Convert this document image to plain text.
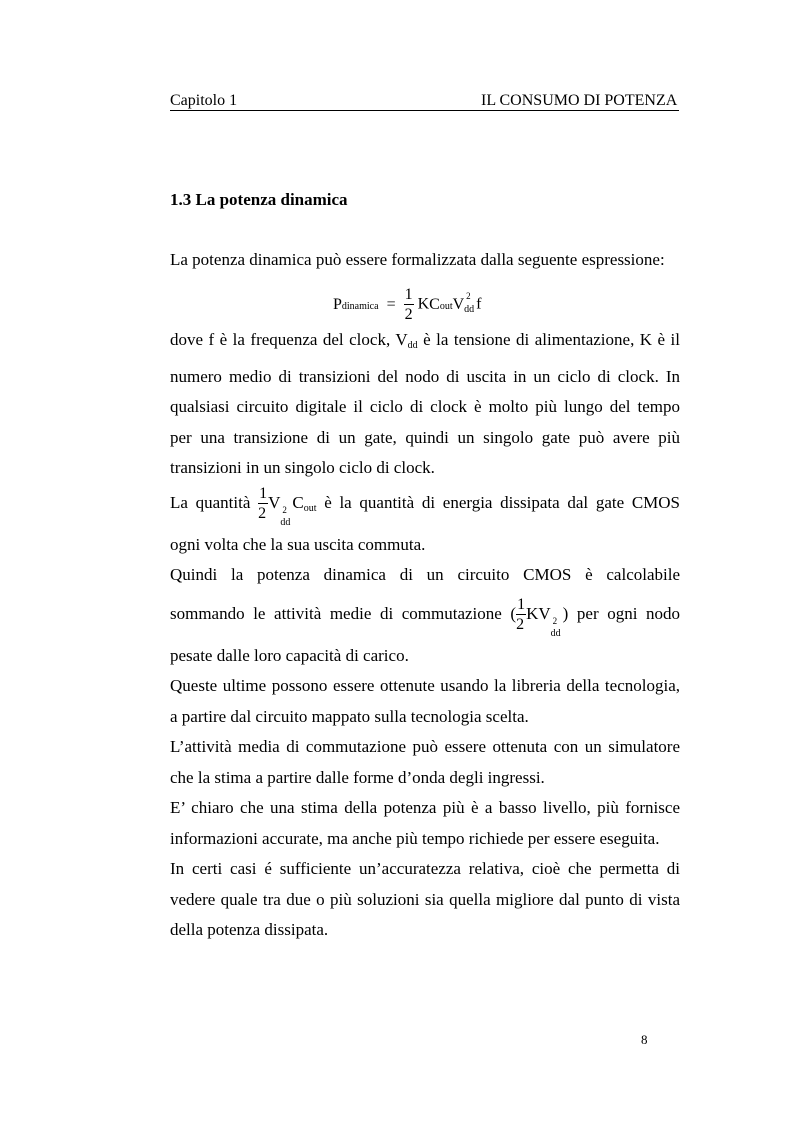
Capitolo 1	IL CONSUMO DI POTENZA
1.3 La potenza dinamica
La potenza dinamica può essere formalizzata dalla seguente espressione:
Pdinamica = $\frac{1}{2}$ KCoutV 2
dd f
dove f è la frequenza del clock, $V_{dd}$ è la tensione di alimentazione, K è il
numero medio di transizioni del nodo di uscita in un ciclo di clock. In
qualsiasi circuito digitale il ciclo di clock è molto più lungo del tempo
per una transizione di un gate, quindi un singolo gate può avere più
transizioni in un singolo ciclo di clock.
La quantità $\frac{1}{2}$ V 2
dd
$C_{out}$ è la quantità di energia dissipata dal gate CMOS
ogni volta che la sua uscita commuta.
Quindi la potenza dinamica di un circuito CMOS è calcolabile
sommando le attività medie di commutazione ( $\frac{1}{2}$ KV 2
dd
) per ogni nodo
pesate dalle loro capacità di carico.
Queste ultime possono essere ottenute usando la libreria della tecnologia,
a partire dal circuito mappato sulla tecnologia scelta.
L’attività media di commutazione può essere ottenuta con un simulatore
che la stima a partire dalle forme d’onda degli ingressi.
E’ chiaro che una stima della potenza più è a basso livello, più fornisce
informazioni accurate, ma anche più tempo richiede per essere eseguita.
In certi casi é sufficiente un’accuratezza relativa, cioè che permetta di
vedere quale tra due o più soluzioni sia quella migliore dal punto di vista
della potenza dissipata.
8
